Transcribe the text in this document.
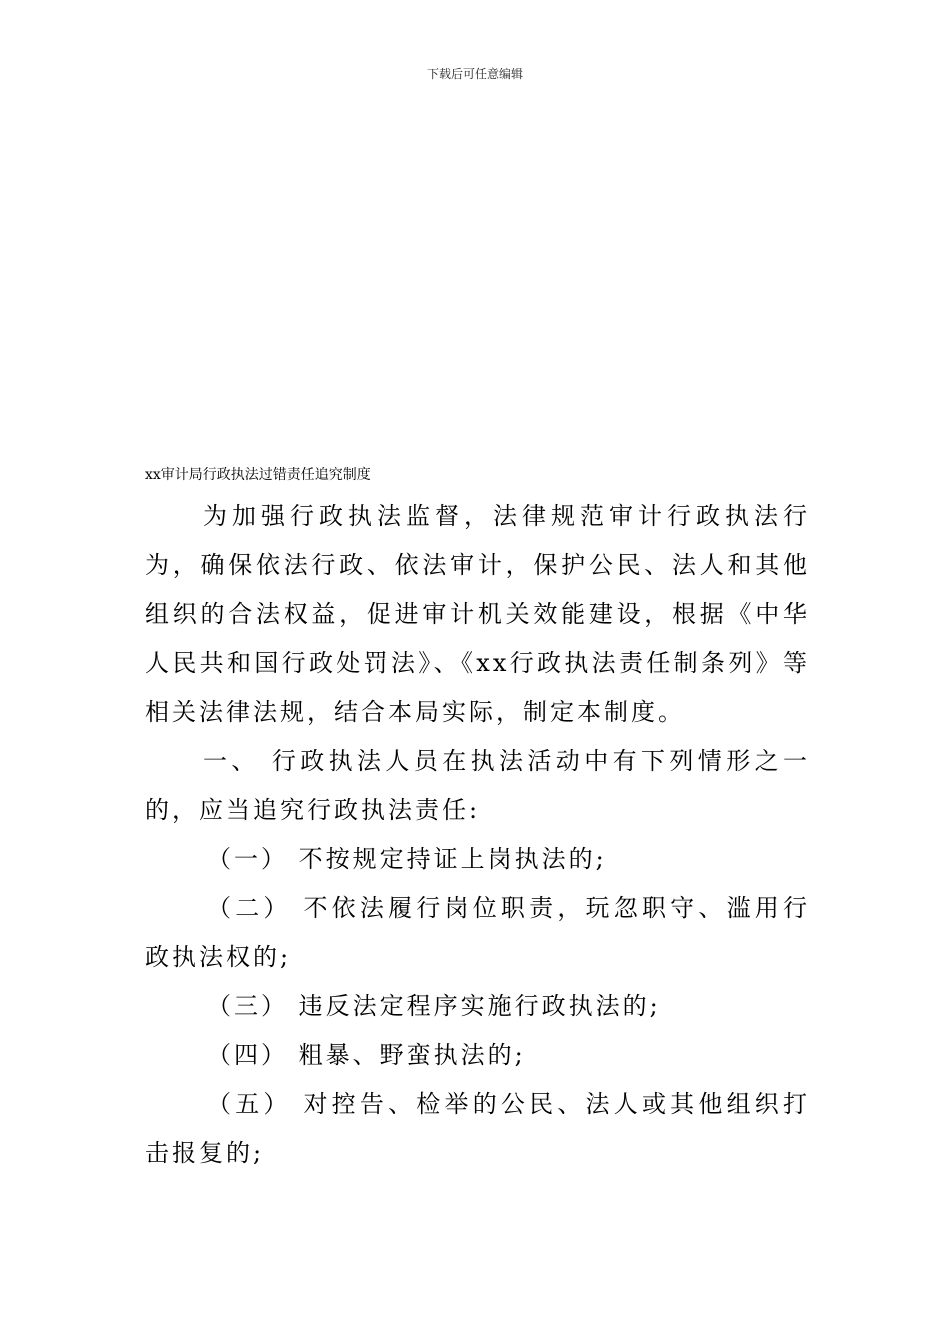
下载后可任意编辑
xx审计局行政执法过错责任追究制度

为加强行政执法监督，法律规范审计行政执法行为，确保依法行政、依法审计，保护公民、法人和其他组织的合法权益，促进审计机关效能建设，根据《中华人民共和国行政处罚法》、《xx行政执法责任制条列》等相关法律法规，结合本局实际，制定本制度。

一、 行政执法人员在执法活动中有下列情形之一的，应当追究行政执法责任:

（一） 不按规定持证上岗执法的;

（二） 不依法履行岗位职责，玩忽职守、滥用行政执法权的;

（三） 违反法定程序实施行政执法的;

（四） 粗暴、野蛮执法的;

（五） 对控告、检举的公民、法人或其他组织打击报复的;
